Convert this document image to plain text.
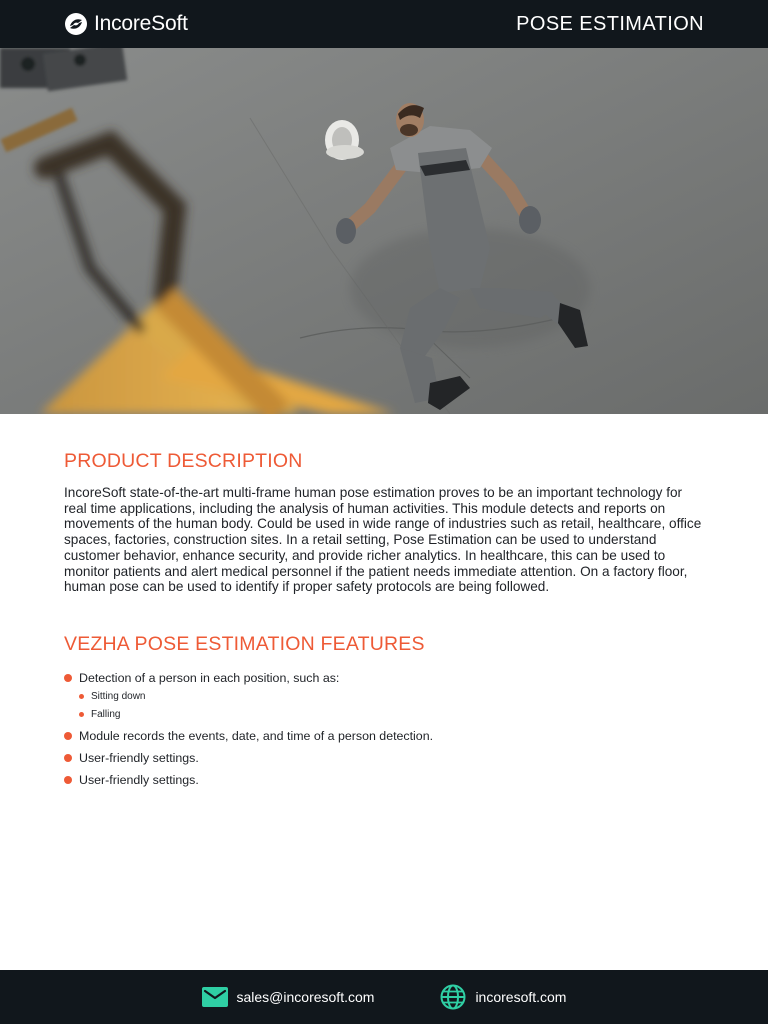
IncoreSoft	POSE ESTIMATION
PRODUCT DESCRIPTION

IncoreSoft state-of-the-art multi-frame human pose estimation proves to be an important technology for real time applications, including the analysis of human activities. This module detects and reports on movements of the human body. Could be used in wide range of industries such as retail, healthcare, office spaces, factories, construction sites. In a retail setting, Pose Estimation can be used to understand customer behavior, enhance security, and provide richer analytics. In healthcare, this can be used to monitor patients and alert medical personnel if the patient needs immediate attention. On a factory floor, human pose can be used to identify if proper safety protocols are being followed.

VEZHA POSE ESTIMATION FEATURES
Detection of a person in each position, such as:
Sitting down
Falling
Module records the events, date, and time of a person detection.
User-friendly settings.
User-friendly settings.
sales@incoresoft.com	incoresoft.com
